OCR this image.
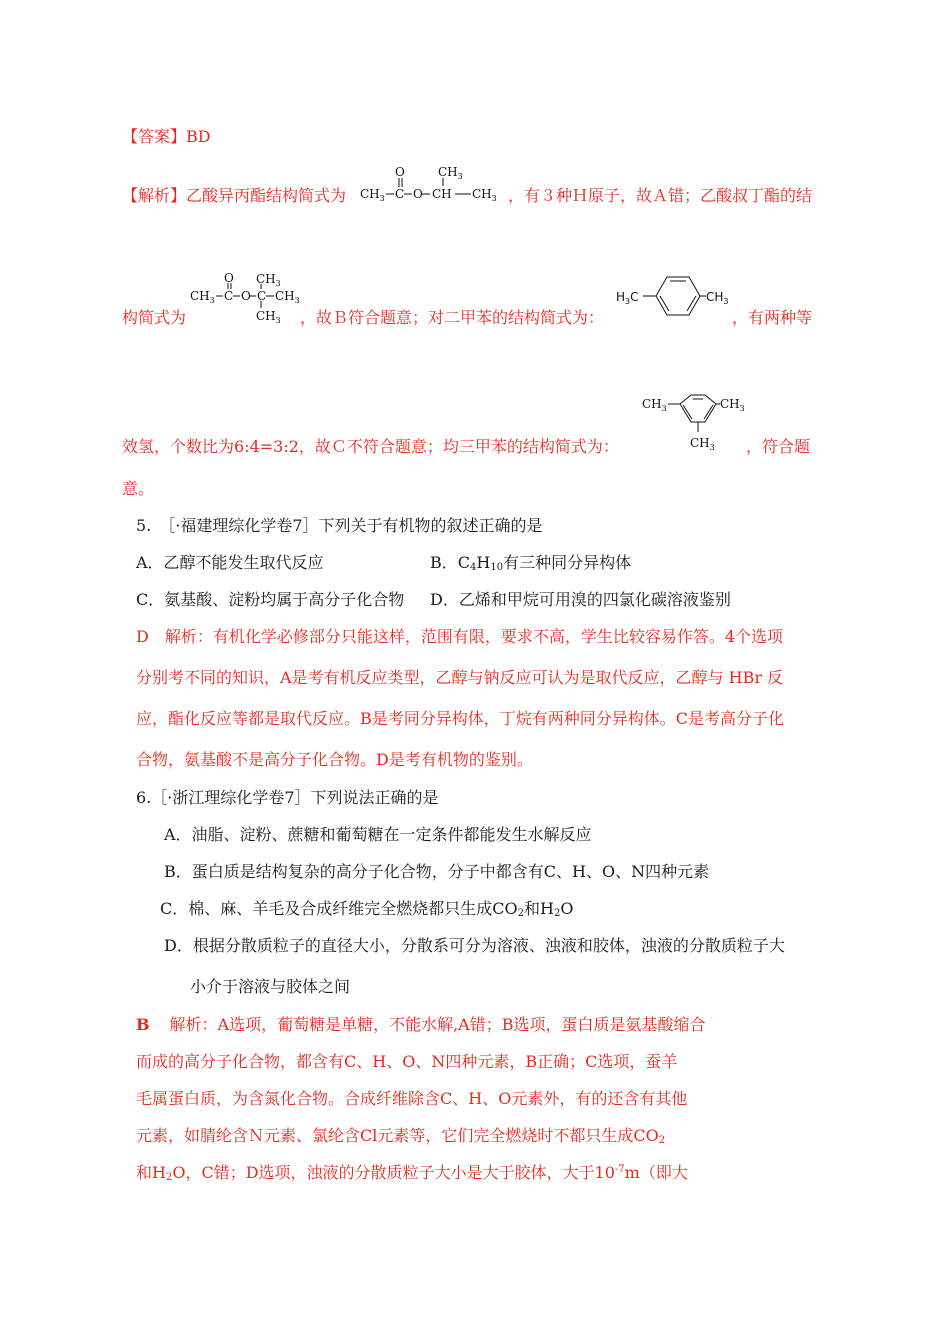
【答案】BD
【解析】乙酸异丙酯结构简式为 $CH_3$ C
O
O CH
$CH_3$
$CH_3$ ，有３种Ｈ原子，故Ａ错；乙酸叔丁酯的结
构简式为
$CH_3$ C
O
O C
$CH_3$
$CH_3$
$CH_3$ ，故Ｂ符合题意；对二甲苯的结构简式为：
$H_3C$	$CH_3$
，有两种等
$CH_3$	$CH_3$
$CH_3$
效氢，个数比为6:4=3:2，故Ｃ不符合题意；均三甲苯的结构简式为：	，符合题
意。
5.　［·福建理综化学卷7］下列关于有机物的叙述正确的是
A．乙醇不能发生取代反应	B．$C_4H_{10}$有三种同分异构体
C．氨基酸、淀粉均属于高分子化合物 D．乙烯和甲烷可用溴的四氯化碳溶液鉴别
D　解析：有机化学必修部分只能这样，范围有限，要求不高，学生比较容易作答。4个选项
分别考不同的知识，A是考有机反应类型，乙醇与钠反应可认为是取代反应，乙醇与 HBr 反
应，酯化反应等都是取代反应。B是考同分异构体，丁烷有两种同分异构体。C是考高分子化
合物，氨基酸不是高分子化合物。D是考有机物的鉴别。
6.［·浙江理综化学卷7］下列说法正确的是
A．油脂、淀粉、蔗糖和葡萄糖在一定条件都能发生水解反应
B．蛋白质是结构复杂的高分子化合物，分子中都含有C、H、O、N四种元素
C．棉、麻、羊毛及合成纤维完全燃烧都只生成$CO_2$和$H_2O$
D．根据分散质粒子的直径大小，分散系可分为溶液、浊液和胶体，浊液的分散质粒子大
小介于溶液与胶体之间
B 解析：A选项，葡萄糖是单糖，不能水解,A错；B选项，蛋白质是氨基酸缩合
而成的高分子化合物，都含有C、H、O、N四种元素，B正确；C选项，蚕羊
毛属蛋白质，为含氮化合物。合成纤维除含C、H、O元素外，有的还含有其他
元素，如腈纶含Ｎ元素、氯纶含Cl元素等，它们完全燃烧时不都只生成$CO_2$
和$H_2O$，C错；D选项，浊液的分散质粒子大小是大于胶体，大于$10^{-7}m$（即大
